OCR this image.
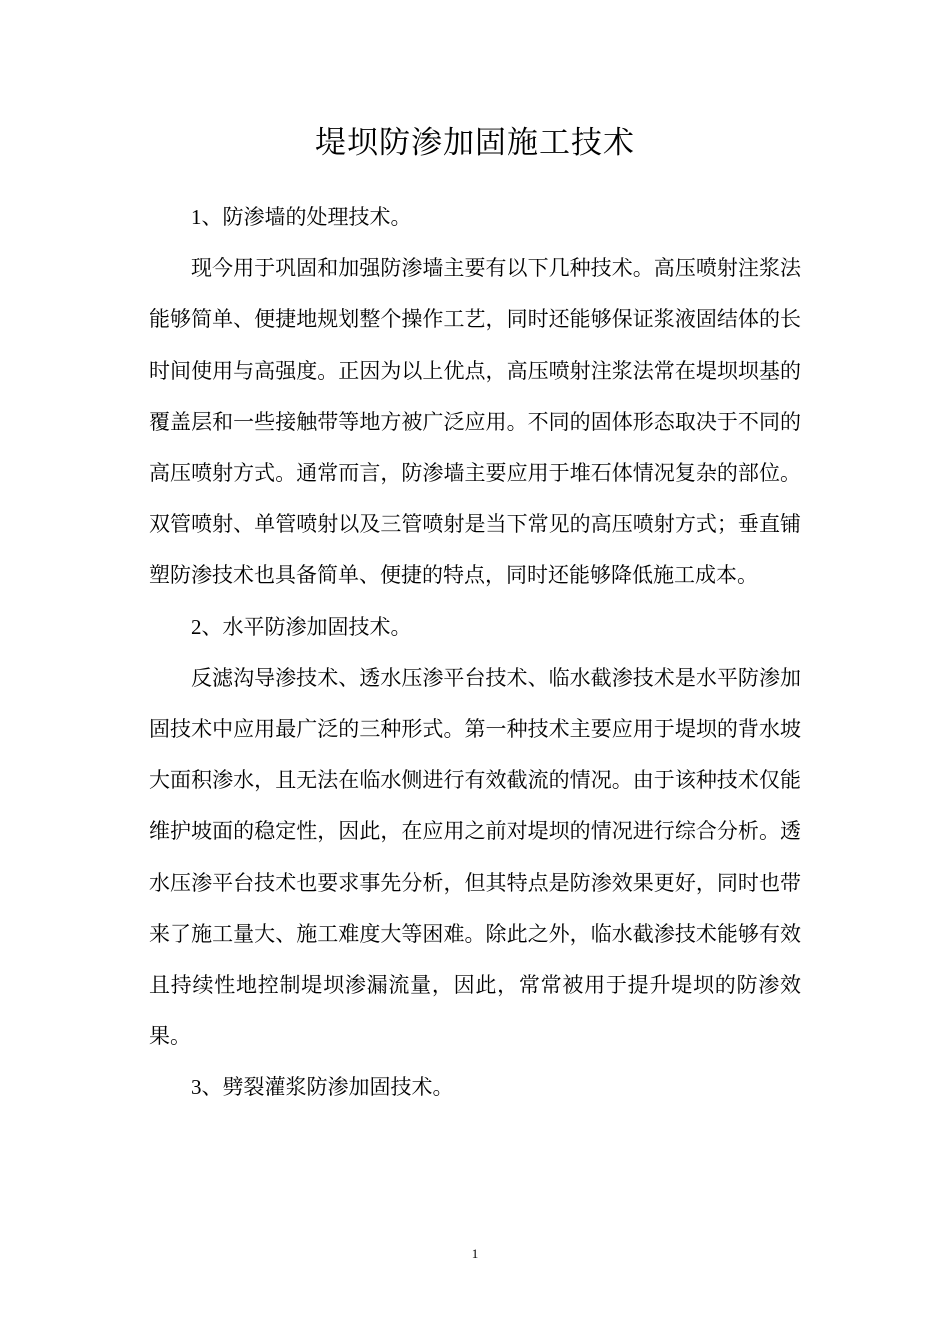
堤坝防渗加固施工技术

1、防渗墙的处理技术。

现今用于巩固和加强防渗墙主要有以下几种技术。高压喷射注浆法能够简单、便捷地规划整个操作工艺，同时还能够保证浆液固结体的长时间使用与高强度。正因为以上优点，高压喷射注浆法常在堤坝坝基的覆盖层和一些接触带等地方被广泛应用。不同的固体形态取决于不同的高压喷射方式。通常而言，防渗墙主要应用于堆石体情况复杂的部位。双管喷射、单管喷射以及三管喷射是当下常见的高压喷射方式；垂直铺塑防渗技术也具备简单、便捷的特点，同时还能够降低施工成本。

2、水平防渗加固技术。

反滤沟导渗技术、透水压渗平台技术、临水截渗技术是水平防渗加固技术中应用最广泛的三种形式。第一种技术主要应用于堤坝的背水坡大面积渗水，且无法在临水侧进行有效截流的情况。由于该种技术仅能维护坡面的稳定性，因此，在应用之前对堤坝的情况进行综合分析。透水压渗平台技术也要求事先分析，但其特点是防渗效果更好，同时也带来了施工量大、施工难度大等困难。除此之外，临水截渗技术能够有效且持续性地控制堤坝渗漏流量，因此，常常被用于提升堤坝的防渗效果。

3、劈裂灌浆防渗加固技术。

1
